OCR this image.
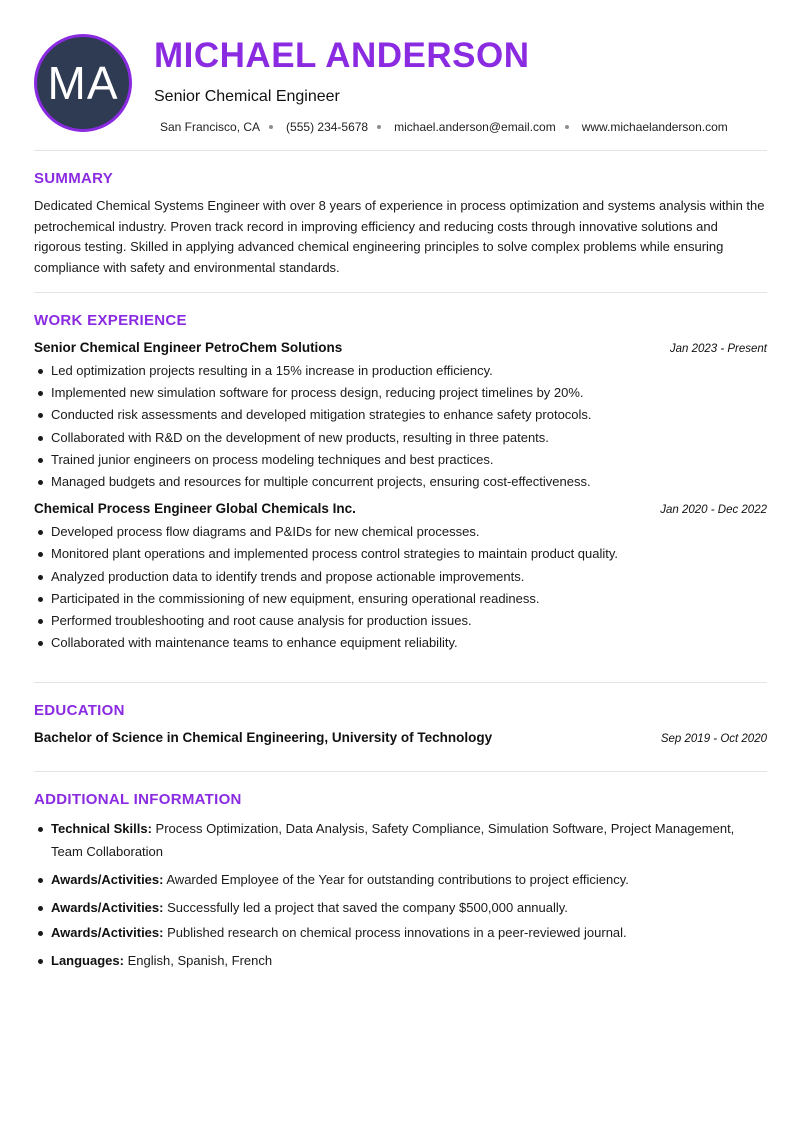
MA
MICHAEL ANDERSON
Senior Chemical Engineer
San Francisco, CA (555) 234-5678 michael.anderson@email.com www.michaelanderson.com
SUMMARY

Dedicated Chemical Systems Engineer with over 8 years of experience in process optimization and systems analysis within the petrochemical industry. Proven track record in improving efficiency and reducing costs through innovative solutions and rigorous testing. Skilled in applying advanced chemical engineering principles to solve complex problems while ensuring compliance with safety and environmental standards.

WORK EXPERIENCE
Senior Chemical Engineer PetroChem Solutions	Jan 2023 - Present
Led optimization projects resulting in a 15% increase in production efficiency.
Implemented new simulation software for process design, reducing project timelines by 20%.
Conducted risk assessments and developed mitigation strategies to enhance safety protocols.
Collaborated with R&D on the development of new products, resulting in three patents.
Trained junior engineers on process modeling techniques and best practices.
Managed budgets and resources for multiple concurrent projects, ensuring cost-effectiveness.
Chemical Process Engineer Global Chemicals Inc.	Jan 2020 - Dec 2022
Developed process flow diagrams and P&IDs for new chemical processes.
Monitored plant operations and implemented process control strategies to maintain product quality.
Analyzed production data to identify trends and propose actionable improvements.
Participated in the commissioning of new equipment, ensuring operational readiness.
Performed troubleshooting and root cause analysis for production issues.
Collaborated with maintenance teams to enhance equipment reliability.
EDUCATION
Bachelor of Science in Chemical Engineering, University of Technology	Sep 2019 - Oct 2020
ADDITIONAL INFORMATION
Technical Skills: Process Optimization, Data Analysis, Safety Compliance, Simulation Software, Project Management, Team Collaboration
Awards/Activities: Awarded Employee of the Year for outstanding contributions to project efficiency.
Awards/Activities: Successfully led a project that saved the company $500,000 annually.
Awards/Activities: Published research on chemical process innovations in a peer-reviewed journal.
Languages: English, Spanish, French
